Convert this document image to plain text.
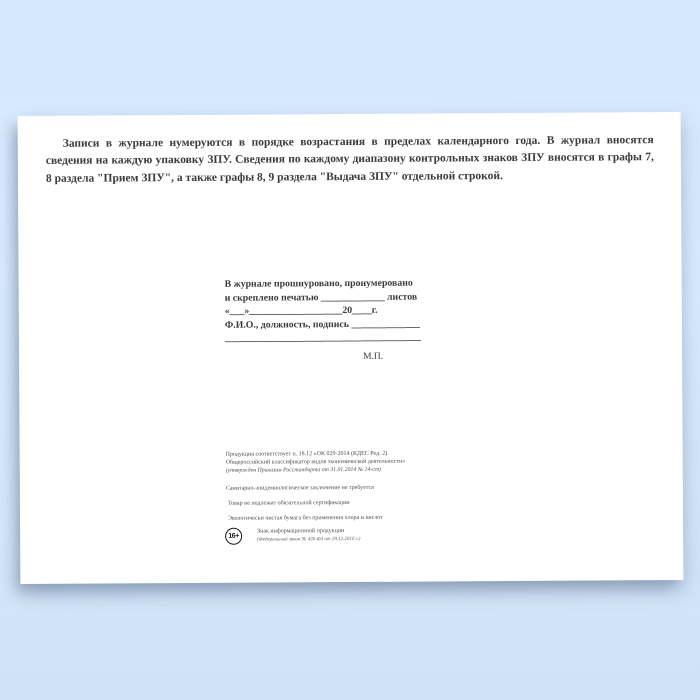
Записи в журнале нумеруются в порядке возрастания в пределах календарного года. В журнал вносятся сведения на каждую упаковку ЗПУ. Сведения по каждому диапазону контрольных знаков ЗПУ вносятся в графы 7, 8 раздела "Прием ЗПУ", а также графы 8, 9 раздела "Выдача ЗПУ" отдельной строкой.
В журнале прошнуровано, пронумеровано
и скреплено печатью _____________ листов
«___»___________________20____г.
Ф.И.О., должность, подпись ______________
________________________________________
М.П.
Продукция соответствует п. 18.12 «ОК 029-2014 (КДЕС Ред. 2).
Общероссийский классификатор видов экономической деятельности»
(утвержден Приказом Росстандарта от 31.01.2014 № 14-ст)
Санитарно-эпидемиологическое заключение не требуется
Товар не подлежит обязательной сертификации
Экологически чистая бумага без применения хлора и кислот
16+
Знак информационной продукции
(Федеральный закон № 436-ФЗ от 29.12.2010 г.)
